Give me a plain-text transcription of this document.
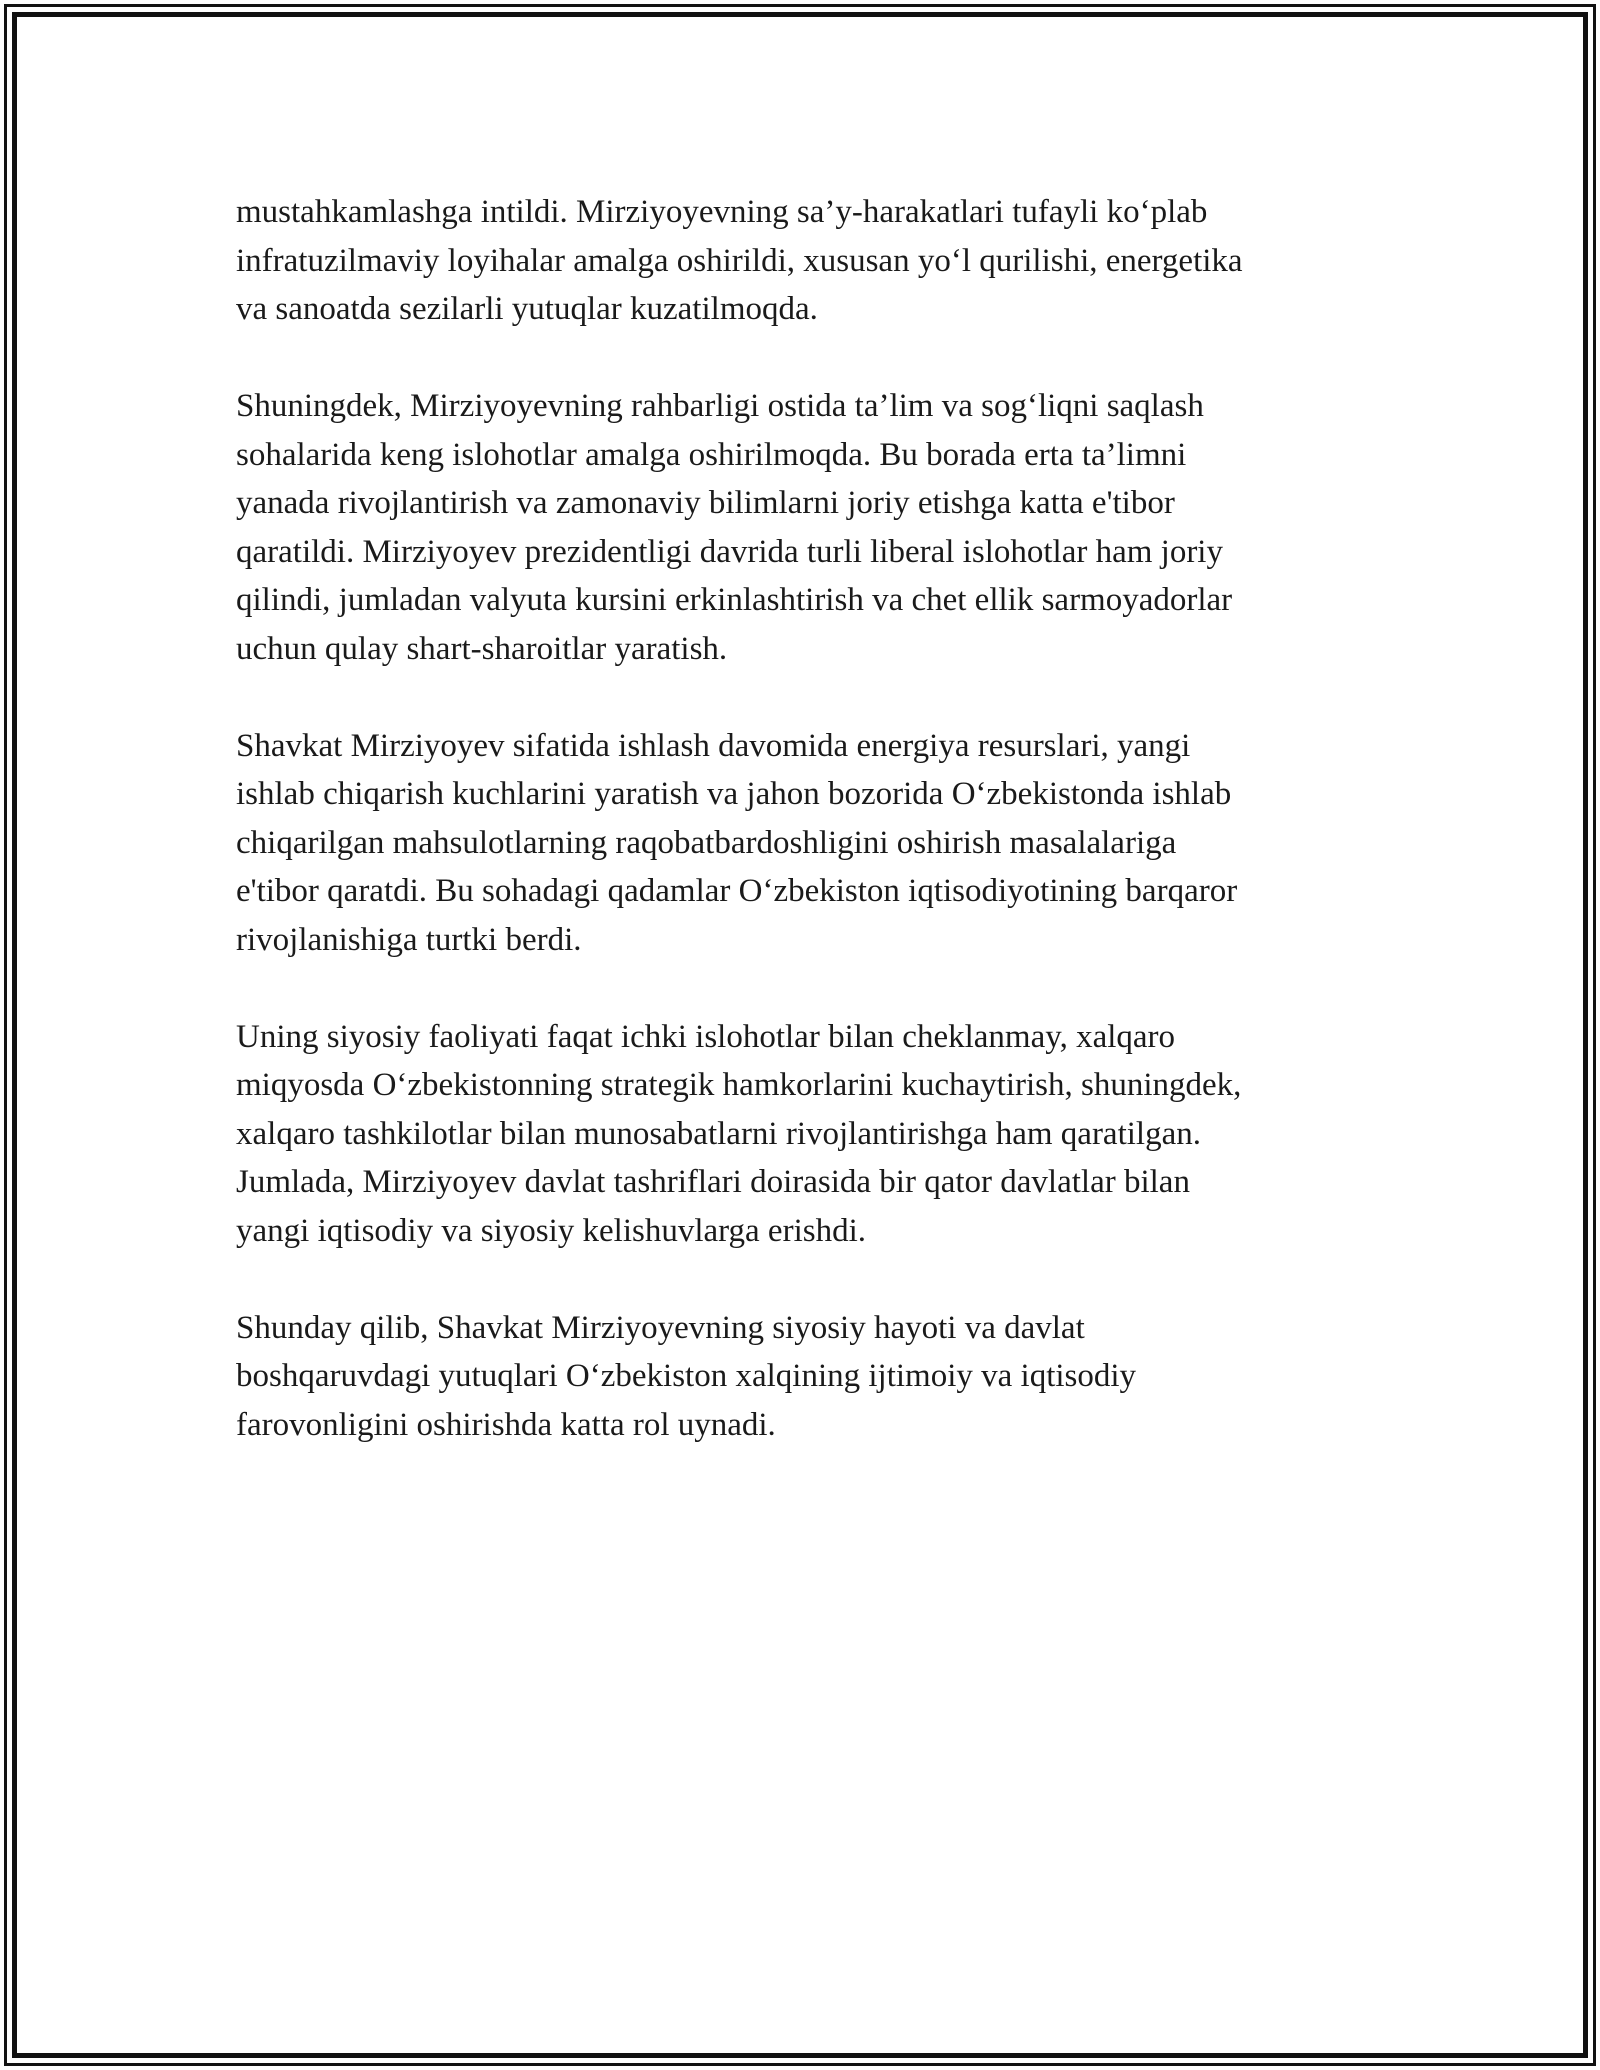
mustahkamlashga intildi. Mirziyoyevning sa’y-harakatlari tufayli ko‘plab
infratuzilmaviy loyihalar amalga oshirildi, xususan yo‘l qurilishi, energetika
va sanoatda sezilarli yutuqlar kuzatilmoqda.

Shuningdek, Mirziyoyevning rahbarligi ostida ta’lim va sog‘liqni saqlash
sohalarida keng islohotlar amalga oshirilmoqda. Bu borada erta ta’limni
yanada rivojlantirish va zamonaviy bilimlarni joriy etishga katta e'tibor
qaratildi. Mirziyoyev prezidentligi davrida turli liberal islohotlar ham joriy
qilindi, jumladan valyuta kursini erkinlashtirish va chet ellik sarmoyadorlar
uchun qulay shart-sharoitlar yaratish.

Shavkat Mirziyoyev sifatida ishlash davomida energiya resurslari, yangi
ishlab chiqarish kuchlarini yaratish va jahon bozorida O‘zbekistonda ishlab
chiqarilgan mahsulotlarning raqobatbardoshligini oshirish masalalariga
e'tibor qaratdi. Bu sohadagi qadamlar O‘zbekiston iqtisodiyotining barqaror
rivojlanishiga turtki berdi.

Uning siyosiy faoliyati faqat ichki islohotlar bilan cheklanmay, xalqaro
miqyosda O‘zbekistonning strategik hamkorlarini kuchaytirish, shuningdek,
xalqaro tashkilotlar bilan munosabatlarni rivojlantirishga ham qaratilgan.
Jumlada, Mirziyoyev davlat tashriflari doirasida bir qator davlatlar bilan
yangi iqtisodiy va siyosiy kelishuvlarga erishdi.

Shunday qilib, Shavkat Mirziyoyevning siyosiy hayoti va davlat
boshqaruvdagi yutuqlari O‘zbekiston xalqining ijtimoiy va iqtisodiy
farovonligini oshirishda katta rol uynadi.
